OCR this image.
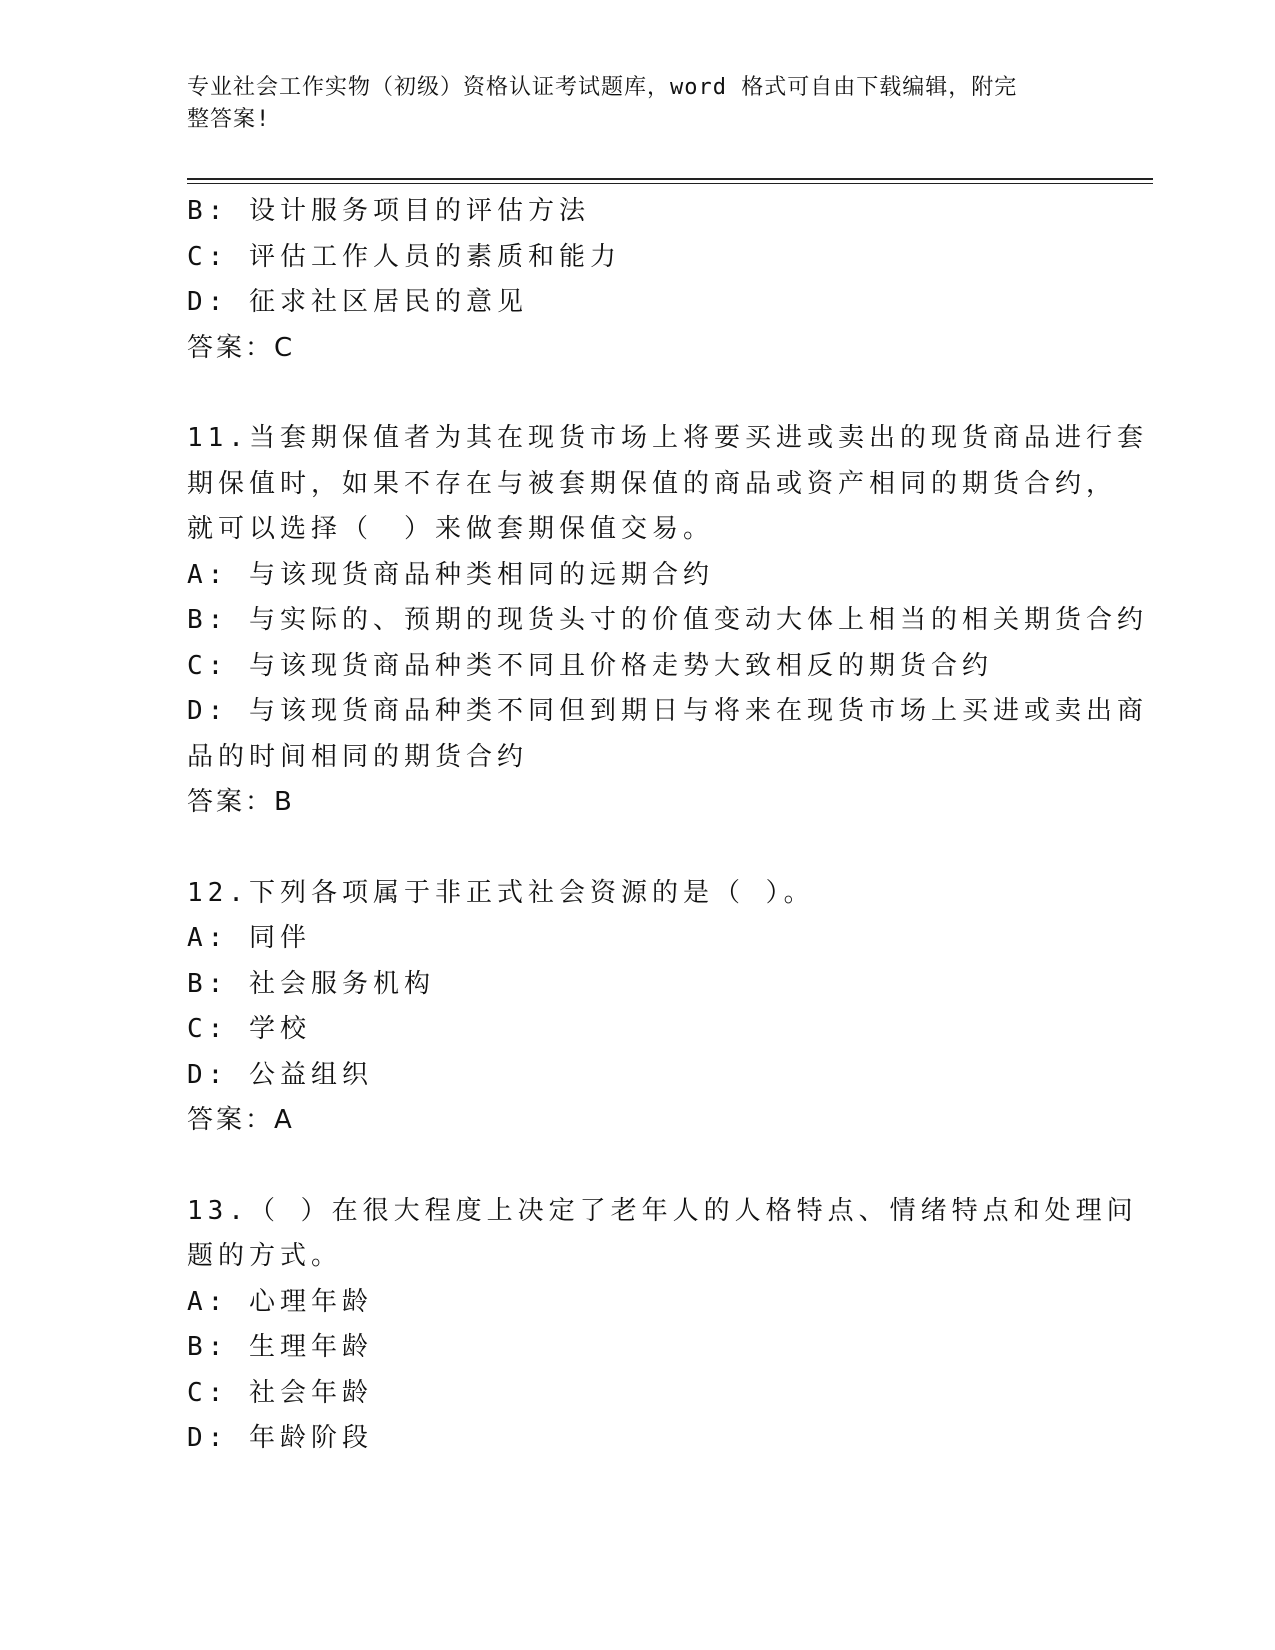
专业社会工作实物（初级）资格认证考试题库，word 格式可自由下载编辑，附完
整答案!
B: 设计服务项目的评估方法
C: 评估工作人员的素质和能力
D: 征求社区居民的意见
答案：C
11.当套期保值者为其在现货市场上将要买进或卖出的现货商品进行套
期保值时，如果不存在与被套期保值的商品或资产相同的期货合约，
就可以选择（　）来做套期保值交易。
A: 与该现货商品种类相同的远期合约
B: 与实际的、预期的现货头寸的价值变动大体上相当的相关期货合约
C: 与该现货商品种类不同且价格走势大致相反的期货合约
D: 与该现货商品种类不同但到期日与将来在现货市场上买进或卖出商
品的时间相同的期货合约
答案：B
12.下列各项属于非正式社会资源的是（ ）。
A: 同伴
B: 社会服务机构
C: 学校
D: 公益组织
答案：A
13.（ ）在很大程度上决定了老年人的人格特点、情绪特点和处理问
题的方式。
A: 心理年龄
B: 生理年龄
C: 社会年龄
D: 年龄阶段
